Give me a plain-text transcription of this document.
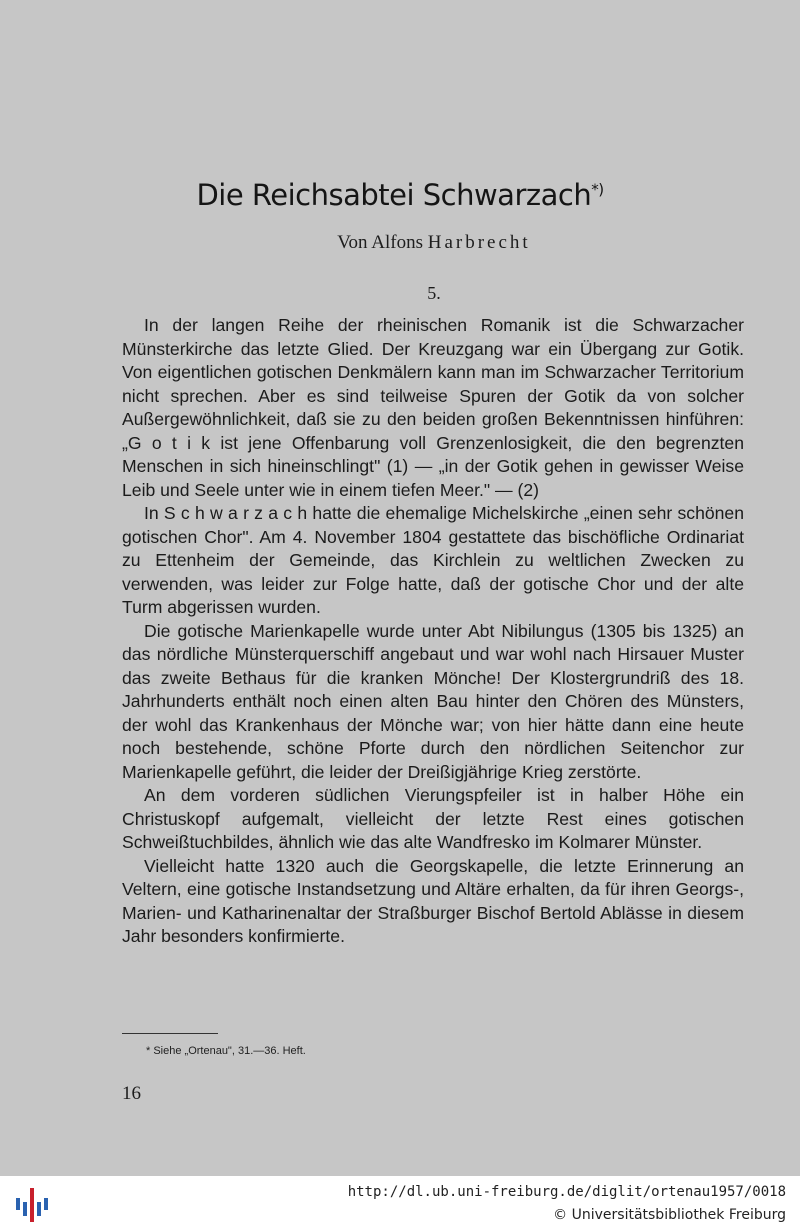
Die Reichsabtei Schwarzach*)
Von Alfons Harbrecht
5.

In der langen Reihe der rheinischen Romanik ist die Schwarzacher Münsterkirche das letzte Glied. Der Kreuzgang war ein Übergang zur Gotik. Von eigentlichen gotischen Denkmälern kann man im Schwarzacher Territorium nicht sprechen. Aber es sind teilweise Spuren der Gotik da von solcher Außergewöhnlichkeit, daß sie zu den beiden großen Bekenntnissen hinführen: „G o t i k ist jene Offenbarung voll Grenzenlosigkeit, die den begrenzten Menschen in sich hineinschlingt" (1) — „in der Gotik gehen in gewisser Weise Leib und Seele unter wie in einem tiefen Meer." — (2)

In S c h w a r z a c h hatte die ehemalige Michelskirche „einen sehr schönen gotischen Chor". Am 4. November 1804 gestattete das bischöfliche Ordinariat zu Ettenheim der Gemeinde, das Kirchlein zu weltlichen Zwecken zu verwenden, was leider zur Folge hatte, daß der gotische Chor und der alte Turm abgerissen wurden.

Die gotische Marienkapelle wurde unter Abt Nibilungus (1305 bis 1325) an das nördliche Münsterquerschiff angebaut und war wohl nach Hirsauer Muster das zweite Bethaus für die kranken Mönche! Der Klostergrundriß des 18. Jahrhunderts enthält noch einen alten Bau hinter den Chören des Münsters, der wohl das Krankenhaus der Mönche war; von hier hätte dann eine heute noch bestehende, schöne Pforte durch den nördlichen Seitenchor zur Marienkapelle geführt, die leider der Dreißigjährige Krieg zerstörte.

An dem vorderen südlichen Vierungspfeiler ist in halber Höhe ein Christuskopf aufgemalt, vielleicht der letzte Rest eines gotischen Schweißtuchbildes, ähnlich wie das alte Wandfresko im Kolmarer Münster.

Vielleicht hatte 1320 auch die Georgskapelle, die letzte Erinnerung an Veltern, eine gotische Instandsetzung und Altäre erhalten, da für ihren Georgs-, Marien- und Katharinenaltar der Straßburger Bischof Bertold Ablässe in diesem Jahr besonders konfirmierte.

* Siehe „Ortenau", 31.—36. Heft.
16
http://dl.ub.uni-freiburg.de/diglit/ortenau1957/0018
© Universitätsbibliothek Freiburg
